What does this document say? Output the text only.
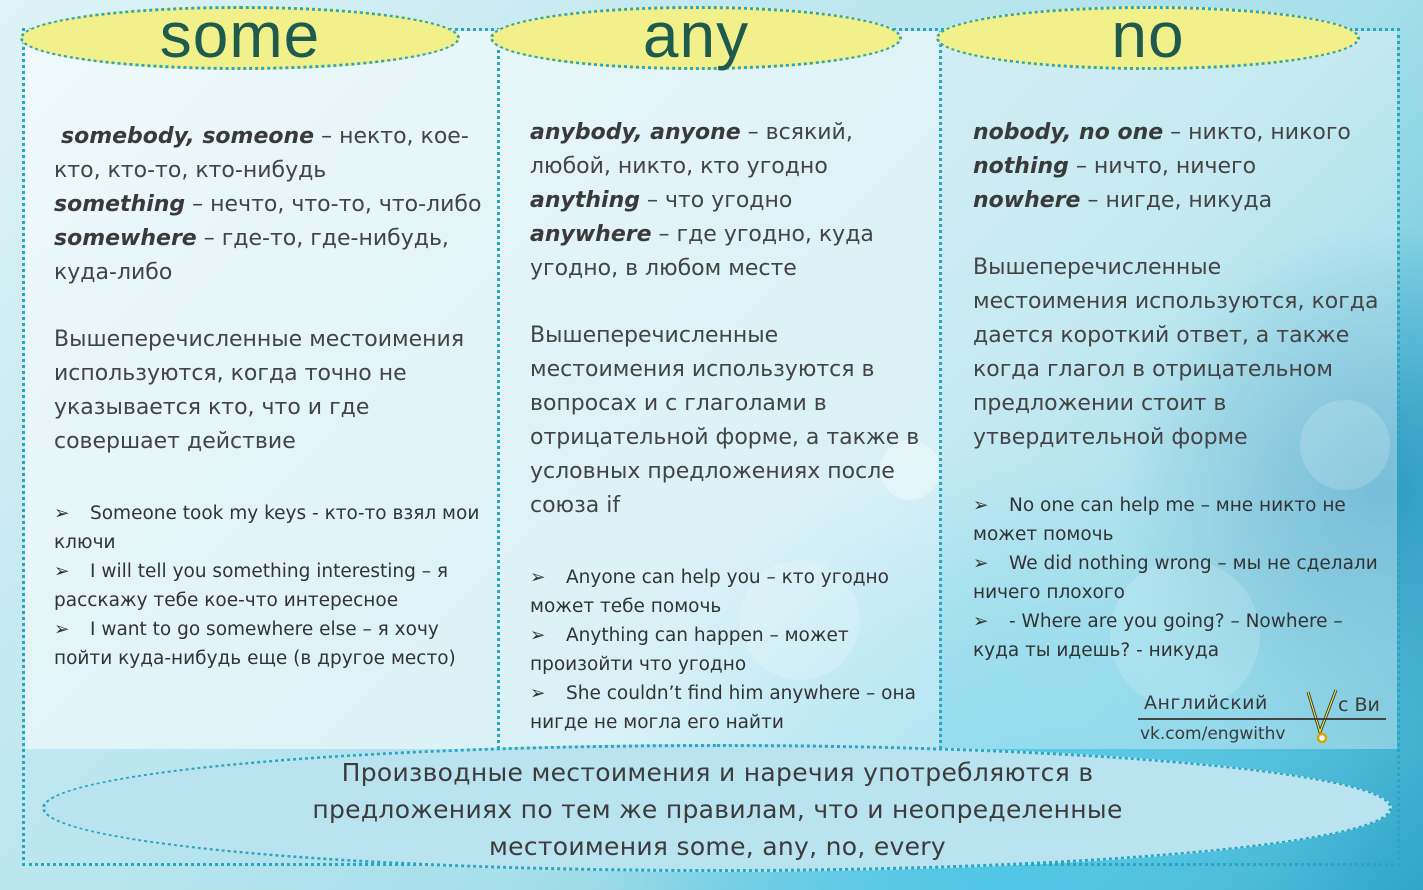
some	any	no

somebody, someone – некто, кое-кто, кто-то, кто-нибудь

something – нечто, что-то, что-либо

somewhere – где-то, где-нибудь, куда-либо

Вышеперечисленные местоимения используются, когда точно не указывается кто, что и где совершает действие

➢ Someone took my keys - кто-то взял мои ключи

➢ I will tell you something interesting – я расскажу тебе кое-что интересное

➢ I want to go somewhere else – я хочу пойти куда-нибудь еще (в другое место)

anybody, anyone – всякий, любой, никто, кто угодно

anything – что угодно

anywhere – где угодно, куда угодно, в любом месте

Вышеперечисленные местоимения используются в вопросах и с глаголами в отрицательной форме, а также в условных предложениях после союза if

➢ Anyone can help you – кто угодно может тебе помочь

➢ Anything can happen – может произойти что угодно

➢ She couldn’t find him anywhere – она нигде не могла его найти

nobody, no one – никто, никого

nothing – ничто, ничего

nowhere – нигде, никуда

Вышеперечисленные местоимения используются, когда дается короткий ответ, а также когда глагол в отрицательном предложении стоит в утвердительной форме

➢ No one can help me – мне никто не может помочь

➢ We did nothing wrong – мы не сделали ничего плохого

➢ - Where are you going? – Nowhere – куда ты идешь? - никуда

Английский	с Ви
vk.com/engwithv
Производные местоимения и наречия употребляются в
предложениях по тем же правилам, что и неопределенные
местоимения some, any, no, every
